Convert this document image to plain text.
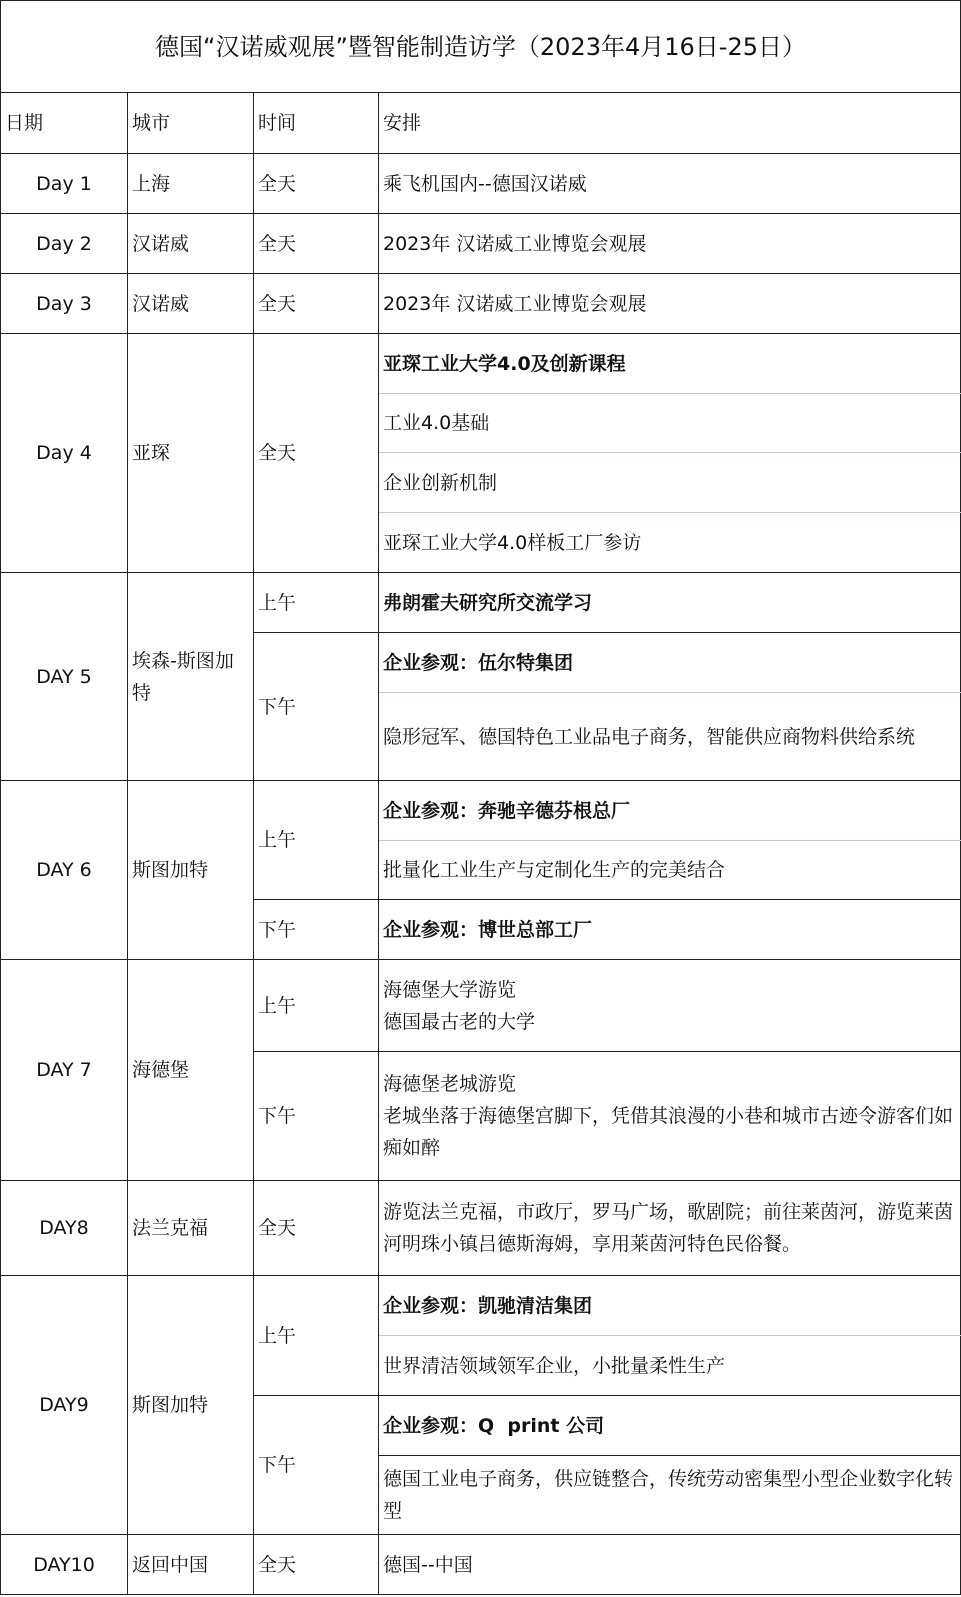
德国“汉诺威观展”暨智能制造访学（2023年4月16日-25日）			
日期	城市	时间	安排
Day 1	上海	全天	乘飞机国内--德国汉诺威
Day 2	汉诺威	全天	2023年 汉诺威工业博览会观展
Day 3	汉诺威	全天	2023年 汉诺威工业博览会观展
Day 4	亚琛	全天	亚琛工业大学4.0及创新课程
			工业4.0基础
			企业创新机制
			亚琛工业大学4.0样板工厂参访
DAY 5	埃森-斯图加特	上午	弗朗霍夫研究所交流学习
		下午	企业参观：伍尔特集团
			隐形冠军、德国特色工业品电子商务，智能供应商物料供给系统
DAY 6	斯图加特	上午	企业参观：奔驰辛德芬根总厂
			批量化工业生产与定制化生产的完美结合
		下午	企业参观：博世总部工厂
DAY 7	海德堡	上午	海德堡大学游览
德国最古老的大学

		下午	海德堡老城游览
老城坐落于海德堡宫脚下，凭借其浪漫的小巷和城市古迹令游客们如痴如醉

DAY8	法兰克福	全天	游览法兰克福，市政厅，罗马广场，歌剧院；前往莱茵河，游览莱茵河明珠小镇吕德斯海姆，享用莱茵河特色民俗餐。
DAY9	斯图加特	上午	企业参观：凯驰清洁集团
			世界清洁领域领军企业，小批量柔性生产
		下午	企业参观：Q  print 公司
			德国工业电子商务，供应链整合，传统劳动密集型小型企业数字化转型
DAY10	返回中国	全天	德国--中国
